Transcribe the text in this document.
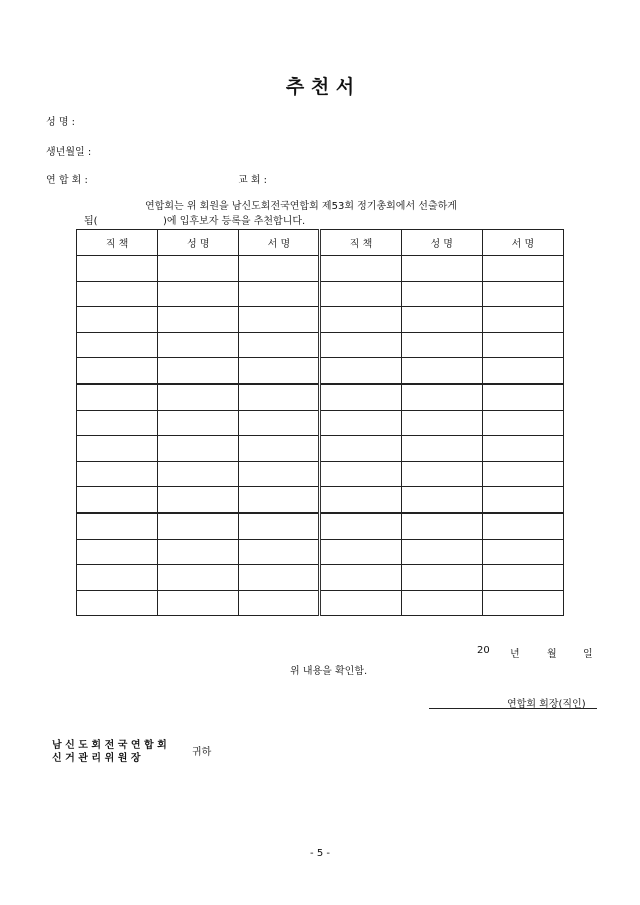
추 천 서
성 명 :
생년월일 :
연 합 회 :	교 회 :
연합회는 위 회원을 남신도회전국연합회 제53회 정기총회에서 선출하게
됨(	)에 입후보자 등록을 추천합니다.
직 책	성 명	서 명	직 책	성 명	서 명

20 년	월	일
위 내용을 확인함.
연합회 회장(직인)
남 신 도 회 전 국 연 합 회
신 거 관 리 위 원 장
귀하
- 5 -
